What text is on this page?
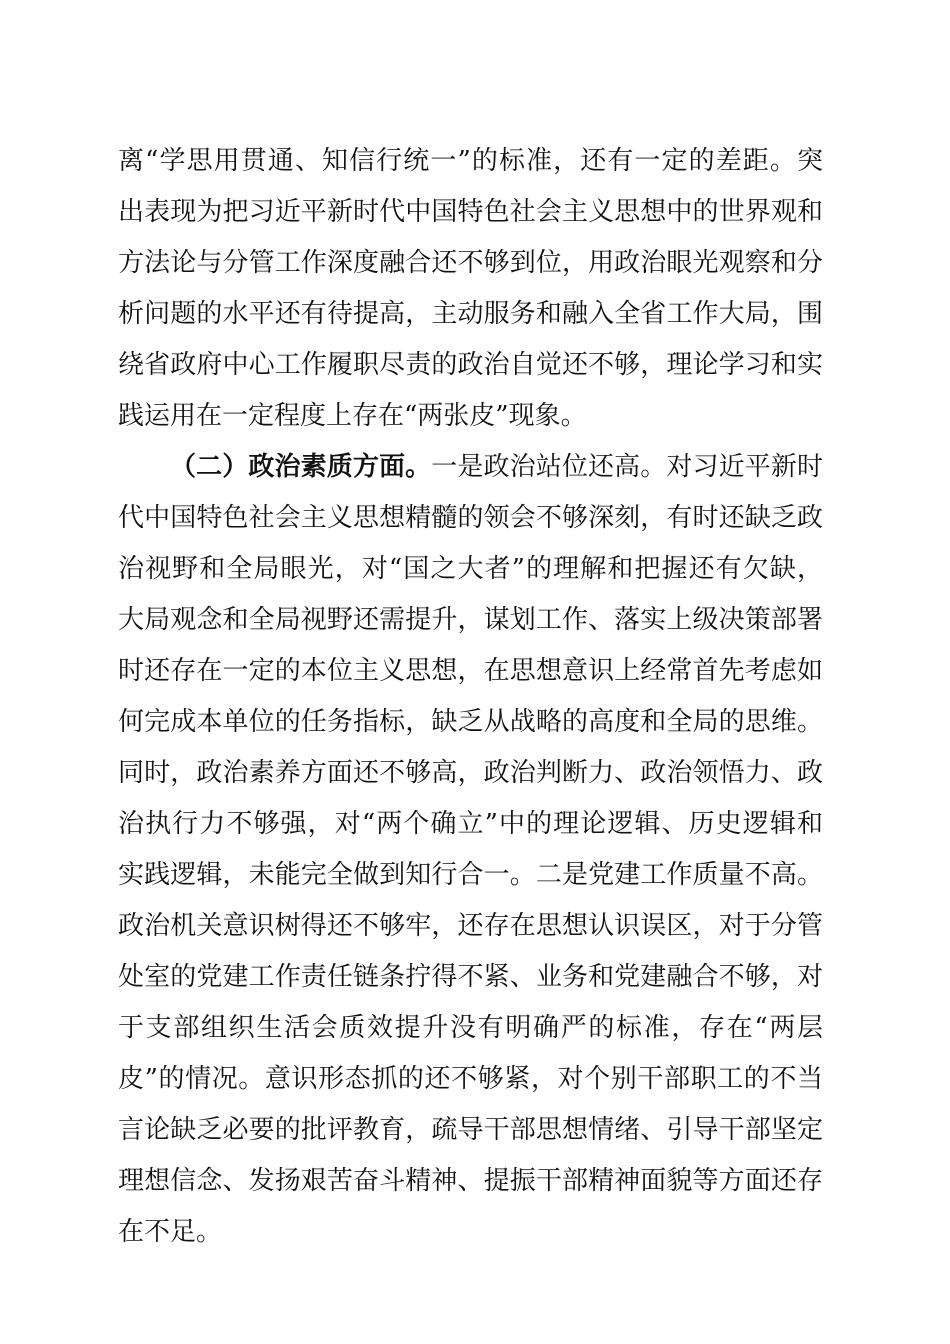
离“学思用贯通、知信行统一”的标准，还有一定的差距。突
出表现为把习近平新时代中国特色社会主义思想中的世界观和
方法论与分管工作深度融合还不够到位，用政治眼光观察和分
析问题的水平还有待提高，主动服务和融入全省工作大局，围
绕省政府中心工作履职尽责的政治自觉还不够，理论学习和实
践运用在一定程度上存在“两张皮”现象。
（二）政治素质方面。一是政治站位还高。对习近平新时
代中国特色社会主义思想精髓的领会不够深刻，有时还缺乏政
治视野和全局眼光，对“国之大者”的理解和把握还有欠缺，
大局观念和全局视野还需提升，谋划工作、落实上级决策部署
时还存在一定的本位主义思想，在思想意识上经常首先考虑如
何完成本单位的任务指标，缺乏从战略的高度和全局的思维。
同时，政治素养方面还不够高，政治判断力、政治领悟力、政
治执行力不够强，对“两个确立”中的理论逻辑、历史逻辑和
实践逻辑，未能完全做到知行合一。二是党建工作质量不高。
政治机关意识树得还不够牢，还存在思想认识误区，对于分管
处室的党建工作责任链条拧得不紧、业务和党建融合不够，对
于支部组织生活会质效提升没有明确严的标准，存在“两层
皮”的情况。意识形态抓的还不够紧，对个别干部职工的不当
言论缺乏必要的批评教育，疏导干部思想情绪、引导干部坚定
理想信念、发扬艰苦奋斗精神、提振干部精神面貌等方面还存
在不足。
